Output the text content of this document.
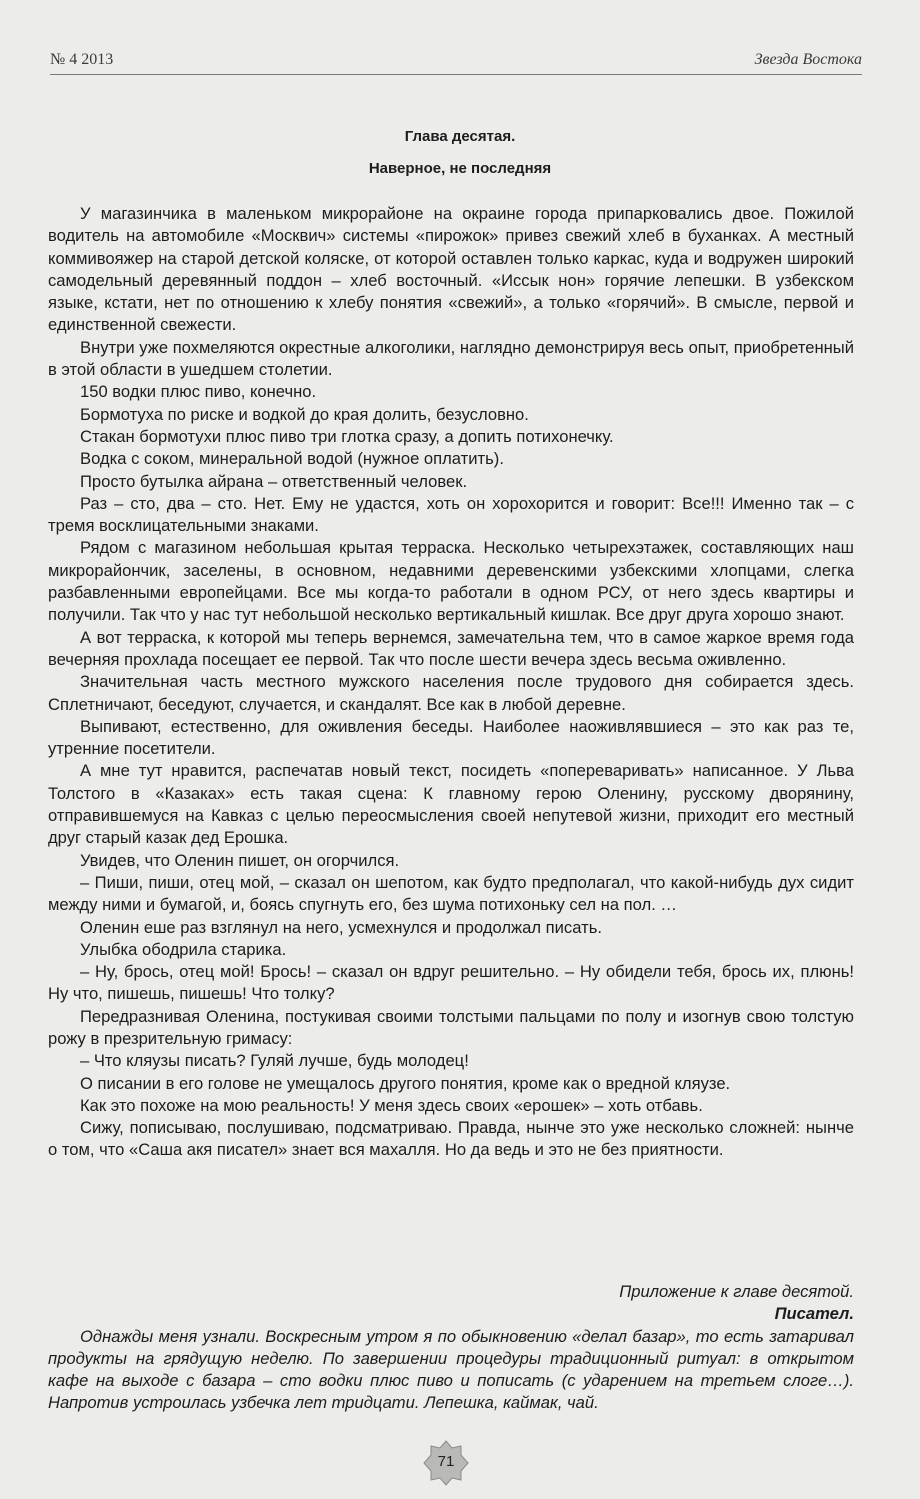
№ 4 2013	Звезда Востока
Глава десятая.
Наверное, не последняя

У магазинчика в маленьком микрорайоне на окраине города припарковались двое. Пожилой водитель на автомобиле «Москвич» системы «пирожок» привез свежий хлеб в буханках. А местный коммивояжер на старой детской коляске, от которой оставлен только каркас, куда и водружен широкий самодельный деревянный поддон – хлеб восточный. «Иссык нон» горячие лепешки. В узбекском языке, кстати, нет по отношению к хлебу понятия «свежий», а только «горячий». В смысле, первой и единственной свежести.

Внутри уже похмеляются окрестные алкоголики, наглядно демонстрируя весь опыт, приобретенный в этой области в ушедшем столетии.

150 водки плюс пиво, конечно.

Бормотуха по риске и водкой до края долить, безусловно.

Стакан бормотухи плюс пиво три глотка сразу, а допить потихонечку.

Водка с соком, минеральной водой (нужное оплатить).

Просто бутылка айрана – ответственный человек.

Раз – сто, два – сто. Нет. Ему не удастся, хоть он хорохорится и говорит: Все!!! Именно так – с тремя восклицательными знаками.

Рядом с магазином небольшая крытая терраска. Несколько четырехэтажек, составляющих наш микрорайончик, заселены, в основном, недавними деревенскими узбекскими хлопцами, слегка разбавленными европейцами. Все мы когда-то работали в одном РСУ, от него здесь квартиры и получили. Так что у нас тут небольшой несколько вертикальный кишлак. Все друг друга хорошо знают.

А вот терраска, к которой мы теперь вернемся, замечательна тем, что в самое жаркое время года вечерняя прохлада посещает ее первой. Так что после шести вечера здесь весьма оживленно.

Значительная часть местного мужского населения после трудового дня собирается здесь. Сплетничают, беседуют, случается, и скандалят. Все как в любой деревне.

Выпивают, естественно, для оживления беседы. Наиболее наоживлявшиеся – это как раз те, утренние посетители.

А мне тут нравится, распечатав новый текст, посидеть «попереваривать» написанное. У Льва Толстого в «Казаках» есть такая сцена: К главному герою Оленину, русскому дворянину, отправившемуся на Кавказ с целью переосмысления своей непутевой жизни, приходит его местный друг старый казак дед Ерошка.

Увидев, что Оленин пишет, он огорчился.

– Пиши, пиши, отец мой, – сказал он шепотом, как будто предполагал, что какой-нибудь дух сидит между ними и бумагой, и, боясь спугнуть его, без шума потихоньку сел на пол. …

Оленин еше раз взглянул на него, усмехнулся и продолжал писать.

Улыбка ободрила старика.

– Ну, брось, отец мой! Брось! – сказал он вдруг решительно. – Ну обидели тебя, брось их, плюнь! Ну что, пишешь, пишешь! Что толку?

Передразнивая Оленина, постукивая своими толстыми пальцами по полу и изогнув свою толстую рожу в презрительную гримасу:

– Что кляузы писать? Гуляй лучше, будь молодец!

О писании в его голове не умещалось другого понятия, кроме как о вредной кляузе.

Как это похоже на мою реальность! У меня здесь своих «ерошек» – хоть отбавь.

Сижу, пописываю, послушиваю, подсматриваю. Правда, нынче это уже несколько сложней: нынче о том, что «Саша акя писател» знает вся махалля. Но да ведь и это не без приятности.

Приложение к главе десятой.

Писател.

Однажды меня узнали. Воскресным утром я по обыкновению «делал базар», то есть затаривал продукты на грядущую неделю. По завершении процедуры традиционный ритуал: в открытом кафе на выходе с базара – сто водки плюс пиво и пописать (с ударением на третьем слоге…). Напротив устроилась узбечка лет тридцати. Лепешка, каймак, чай.

71
